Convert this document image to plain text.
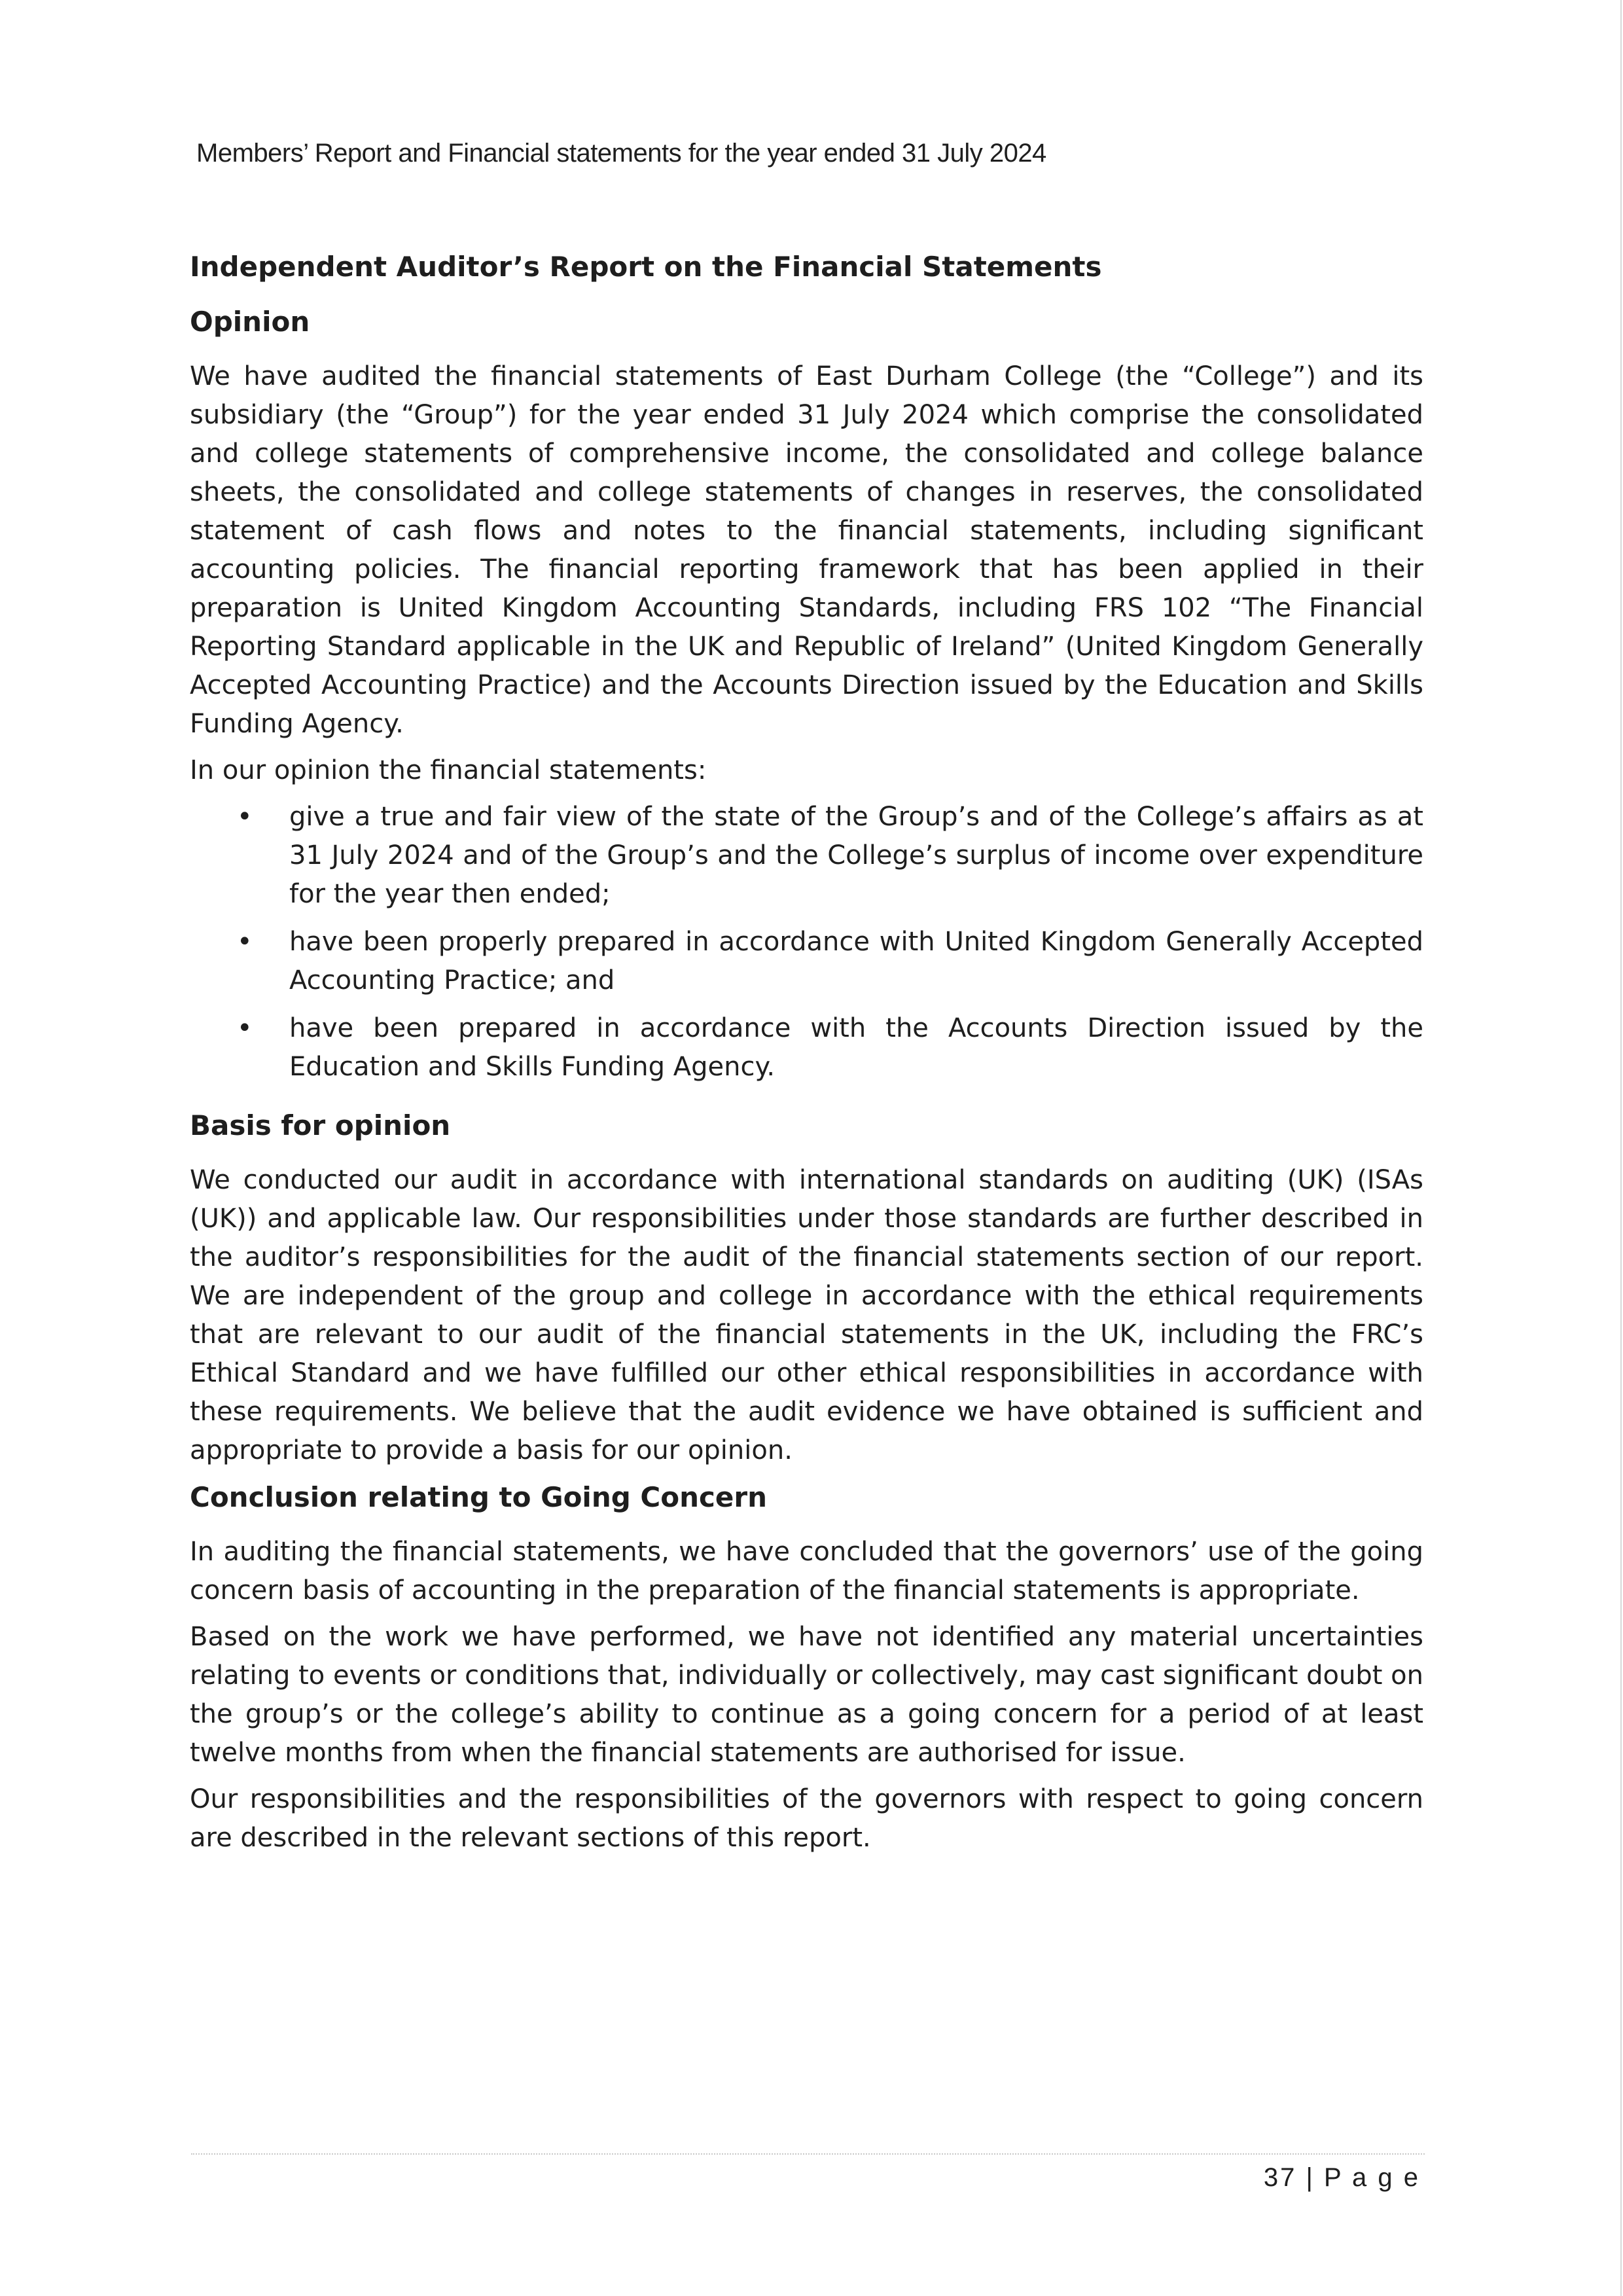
Members’ Report and Financial statements for the year ended 31 July 2024

Independent Auditor’s Report on the Financial Statements
Opinion

We have audited the financial statements of East Durham College (the “College”) and its subsidiary (the “Group”) for the year ended 31 July 2024 which comprise the consolidated and college statements of comprehensive income, the consolidated and college balance sheets, the consolidated and college statements of changes in reserves, the consolidated statement of cash flows and notes to the financial statements, including significant accounting policies. The financial reporting framework that has been applied in their preparation is United Kingdom Accounting Standards, including FRS 102 “The Financial Reporting Standard applicable in the UK and Republic of Ireland” (United Kingdom Generally Accepted Accounting Practice) and the Accounts Direction issued by the Education and Skills Funding Agency.

In our opinion the financial statements:

• give a true and fair view of the state of the Group’s and of the College’s affairs as at 31 July 2024 and of the Group’s and the College’s surplus of income over expenditure for the year then ended;
• have been properly prepared in accordance with United Kingdom Generally Accepted Accounting Practice; and
• have been prepared in accordance with the Accounts Direction issued by the Education and Skills Funding Agency.
Basis for opinion

We conducted our audit in accordance with international standards on auditing (UK) (ISAs (UK)) and applicable law. Our responsibilities under those standards are further described in the auditor’s responsibilities for the audit of the financial statements section of our report. We are independent of the group and college in accordance with the ethical requirements that are relevant to our audit of the financial statements in the UK, including the FRC’s Ethical Standard and we have fulfilled our other ethical responsibilities in accordance with these requirements. We believe that the audit evidence we have obtained is sufficient and appropriate to provide a basis for our opinion.

Conclusion relating to Going Concern

In auditing the financial statements, we have concluded that the governors’ use of the going concern basis of accounting in the preparation of the financial statements is appropriate.

Based on the work we have performed, we have not identified any material uncertainties relating to events or conditions that, individually or collectively, may cast significant doubt on the group’s or the college’s ability to continue as a going concern for a period of at least twelve months from when the financial statements are authorised for issue.

Our responsibilities and the responsibilities of the governors with respect to going concern are described in the relevant sections of this report.

37 | P a g e
